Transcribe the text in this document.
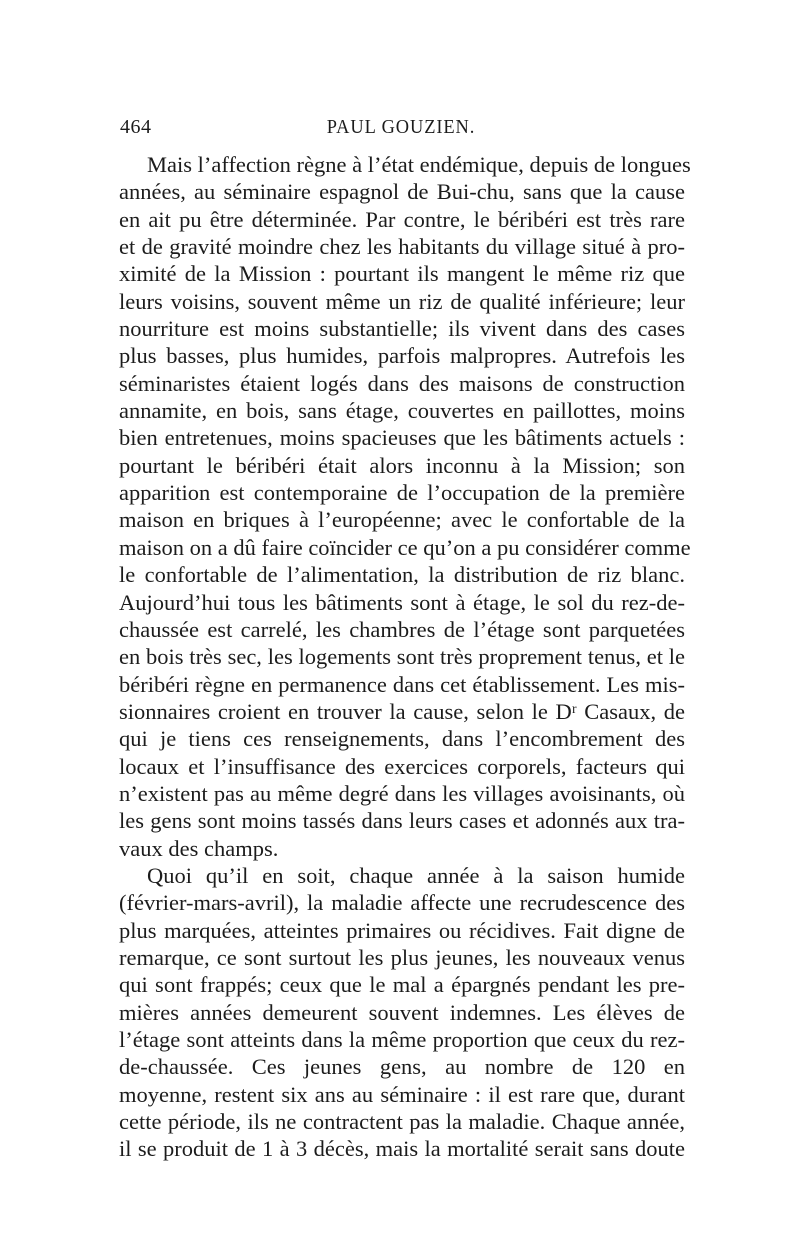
464	PAUL GOUZIEN.
Mais l’affection règne à l’état endémique, depuis de longues
années, au séminaire espagnol de Bui-chu, sans que la cause
en ait pu être déterminée. Par contre, le béribéri est très rare
et de gravité moindre chez les habitants du village situé à pro-
ximité de la Mission : pourtant ils mangent le même riz que
leurs voisins, souvent même un riz de qualité inférieure; leur
nourriture est moins substantielle; ils vivent dans des cases
plus basses, plus humides, parfois malpropres. Autrefois les
séminaristes étaient logés dans des maisons de construction
annamite, en bois, sans étage, couvertes en paillottes, moins
bien entretenues, moins spacieuses que les bâtiments actuels :
pourtant le béribéri était alors inconnu à la Mission; son
apparition est contemporaine de l’occupation de la première
maison en briques à l’européenne; avec le confortable de la
maison on a dû faire coïncider ce qu’on a pu considérer comme
le confortable de l’alimentation, la distribution de riz blanc.
Aujourd’hui tous les bâtiments sont à étage, le sol du rez-de-
chaussée est carrelé, les chambres de l’étage sont parquetées
en bois très sec, les logements sont très proprement tenus, et le
béribéri règne en permanence dans cet établissement. Les mis-
sionnaires croient en trouver la cause, selon le Dʳ Casaux, de
qui je tiens ces renseignements, dans l’encombrement des
locaux et l’insuffisance des exercices corporels, facteurs qui
n’existent pas au même degré dans les villages avoisinants, où
les gens sont moins tassés dans leurs cases et adonnés aux tra-
vaux des champs.
Quoi qu’il en soit, chaque année à la saison humide
(février-mars-avril), la maladie affecte une recrudescence des
plus marquées, atteintes primaires ou récidives. Fait digne de
remarque, ce sont surtout les plus jeunes, les nouveaux venus
qui sont frappés; ceux que le mal a épargnés pendant les pre-
mières années demeurent souvent indemnes. Les élèves de
l’étage sont atteints dans la même proportion que ceux du rez-
de-chaussée. Ces jeunes gens, au nombre de 120 en
moyenne, restent six ans au séminaire : il est rare que, durant
cette période, ils ne contractent pas la maladie. Chaque année,
il se produit de 1 à 3 décès, mais la mortalité serait sans doute
